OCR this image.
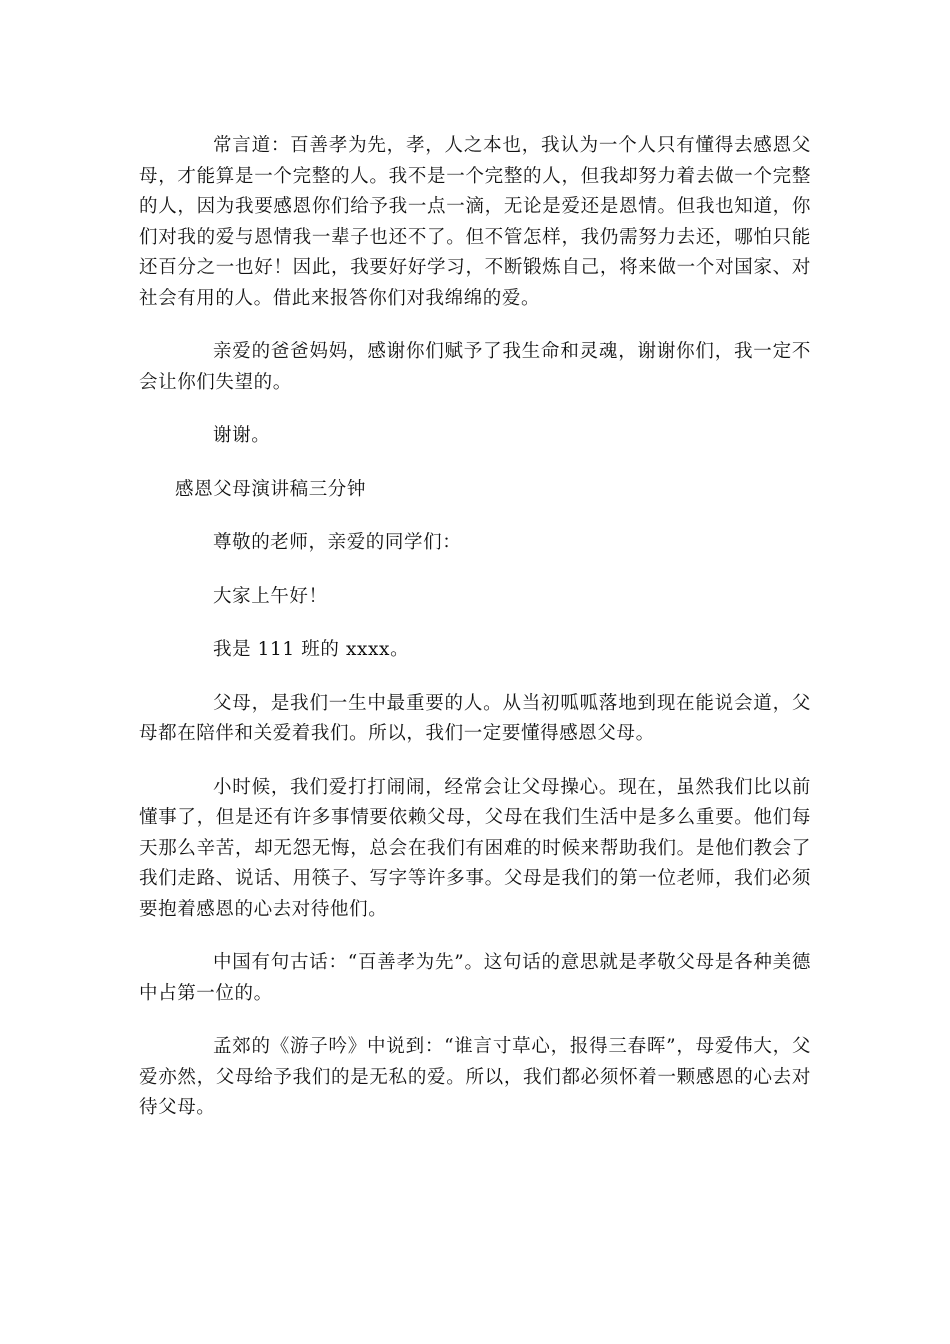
常言道：百善孝为先，孝，人之本也，我认为一个人只有懂得去感恩父母，才能算是一个完整的人。我不是一个完整的人，但我却努力着去做一个完整的人，因为我要感恩你们给予我一点一滴，无论是爱还是恩情。但我也知道，你们对我的爱与恩情我一辈子也还不了。但不管怎样，我仍需努力去还，哪怕只能还百分之一也好！因此，我要好好学习，不断锻炼自己，将来做一个对国家、对社会有用的人。借此来报答你们对我绵绵的爱。

亲爱的爸爸妈妈，感谢你们赋予了我生命和灵魂，谢谢你们，我一定不会让你们失望的。

谢谢。

感恩父母演讲稿三分钟

尊敬的老师，亲爱的同学们：

大家上午好！

我是 111 班的 xxxx。

父母，是我们一生中最重要的人。从当初呱呱落地到现在能说会道，父母都在陪伴和关爱着我们。所以，我们一定要懂得感恩父母。

小时候，我们爱打打闹闹，经常会让父母操心。现在，虽然我们比以前懂事了，但是还有许多事情要依赖父母，父母在我们生活中是多么重要。他们每天那么辛苦，却无怨无悔，总会在我们有困难的时候来帮助我们。是他们教会了我们走路、说话、用筷子、写字等许多事。父母是我们的第一位老师，我们必须要抱着感恩的心去对待他们。

中国有句古话：“百善孝为先”。这句话的意思就是孝敬父母是各种美德中占第一位的。

孟郊的《游子吟》中说到：“谁言寸草心，报得三春晖”，母爱伟大，父爱亦然，父母给予我们的是无私的爱。所以，我们都必须怀着一颗感恩的心去对待父母。
